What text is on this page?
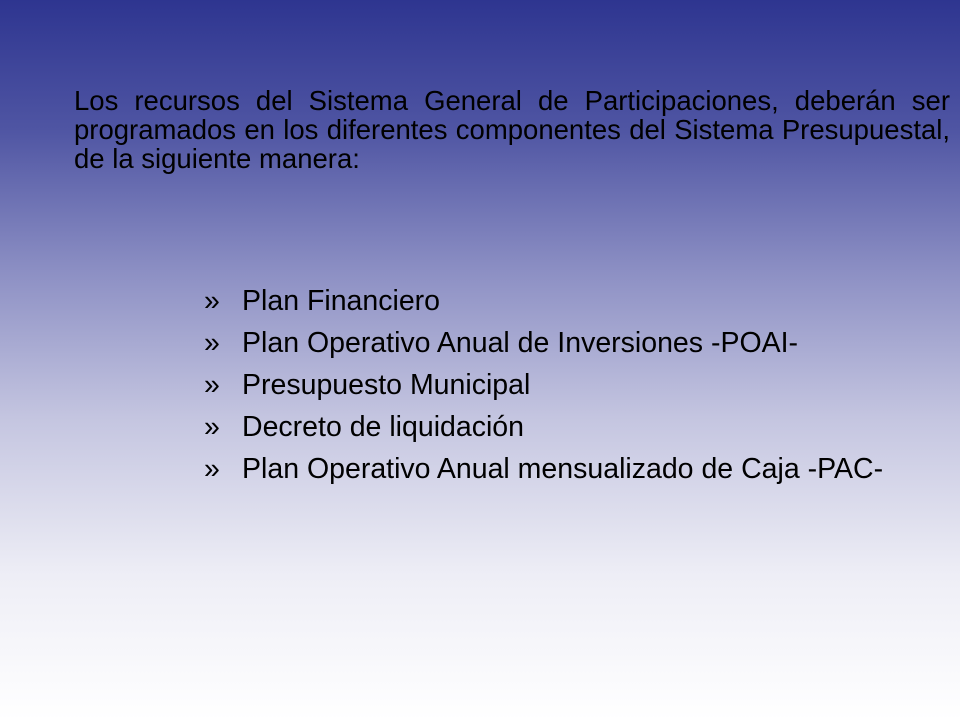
Los recursos del Sistema General de Participaciones, deberán ser programados en los diferentes componentes del Sistema Presupuestal, de la siguiente manera:

» Plan Financiero
» Plan Operativo Anual de Inversiones -POAI-
» Presupuesto Municipal
» Decreto de liquidación
» Plan Operativo Anual mensualizado de Caja -PAC-
